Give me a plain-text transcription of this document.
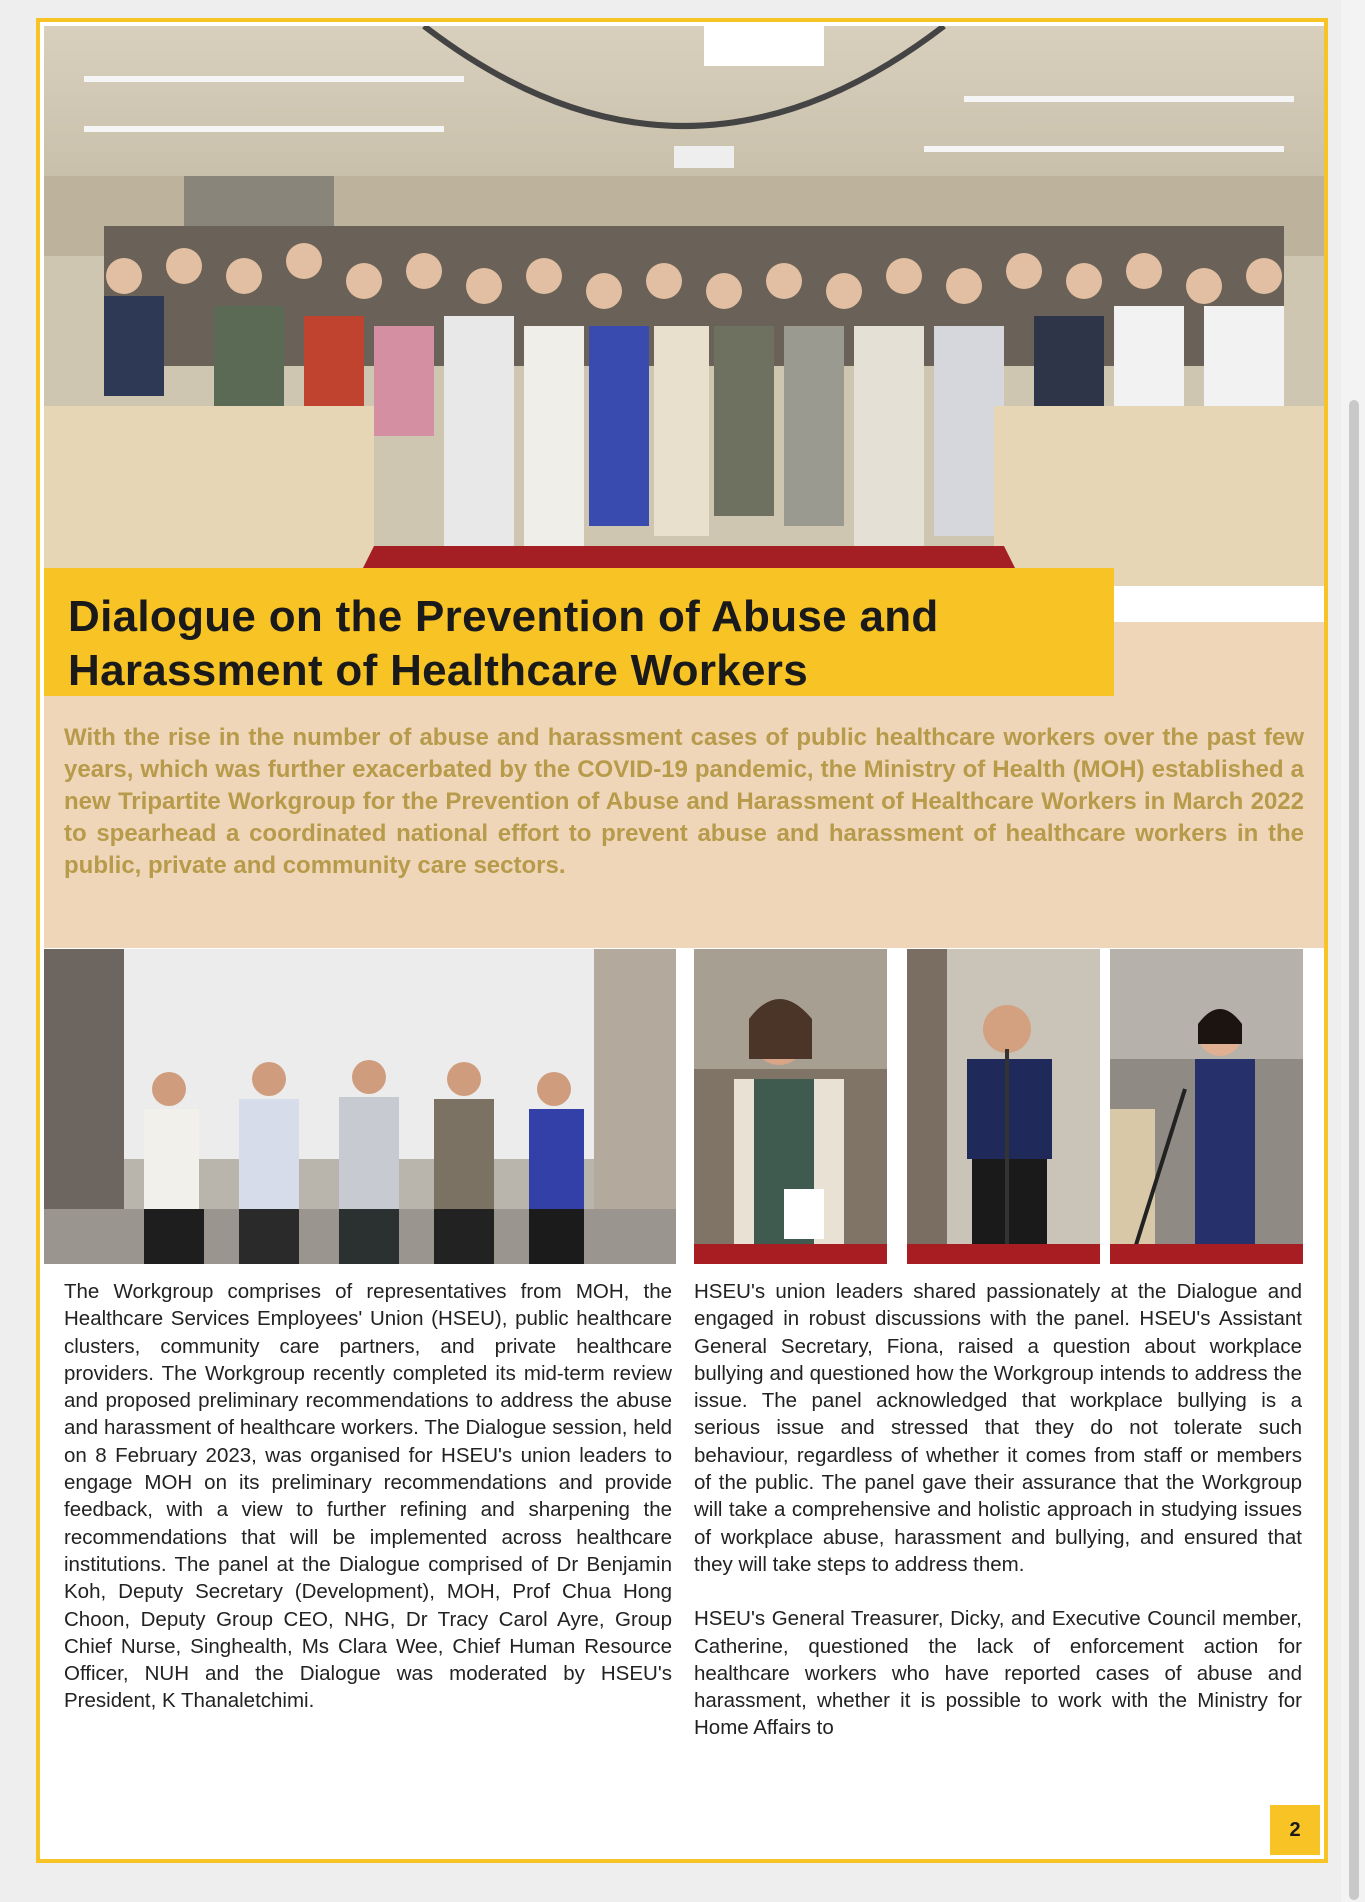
Dialogue on the Prevention of Abuse and Harassment of Healthcare Workers

With the rise in the number of abuse and harassment cases of public healthcare workers over the past few years, which was further exacerbated by the COVID-19 pandemic, the Ministry of Health (MOH) established a new Tripartite Workgroup for the Prevention of Abuse and Harassment of Healthcare Workers in March 2022 to spearhead a coordinated national effort to prevent abuse and harassment of healthcare workers in the public, private and community care sectors.

The Workgroup comprises of representatives from MOH, the Healthcare Services Employees' Union (HSEU), public healthcare clusters, community care partners, and private healthcare providers. The Workgroup recently completed its mid-term review and proposed preliminary recommendations to address the abuse and harassment of healthcare workers. The Dialogue session, held on 8 February 2023, was organised for HSEU's union leaders to engage MOH on its preliminary recommendations and provide feedback, with a view to further refining and sharpening the recommendations that will be implemented across healthcare institutions. The panel at the Dialogue comprised of Dr Benjamin Koh, Deputy Secretary (Development), MOH, Prof Chua Hong Choon, Deputy Group CEO, NHG, Dr Tracy Carol Ayre, Group Chief Nurse, Singhealth, Ms Clara Wee, Chief Human Resource Officer, NUH and the Dialogue was moderated by HSEU's President, K Thanaletchimi.

HSEU's union leaders shared passionately at the Dialogue and engaged in robust discussions with the panel. HSEU's Assistant General Secretary, Fiona, raised a question about workplace bullying and questioned how the Workgroup intends to address the issue. The panel acknowledged that workplace bullying is a serious issue and stressed that they do not tolerate such behaviour, regardless of whether it comes from staff or members of the public. The panel gave their assurance that the Workgroup will take a comprehensive and holistic approach in studying issues of workplace abuse, harassment and bullying, and ensured that they will take steps to address them.

HSEU's General Treasurer, Dicky, and Executive Council member, Catherine, questioned the lack of enforcement action for healthcare workers who have reported cases of abuse and harassment, whether it is possible to work with the Ministry for Home Affairs to

2
